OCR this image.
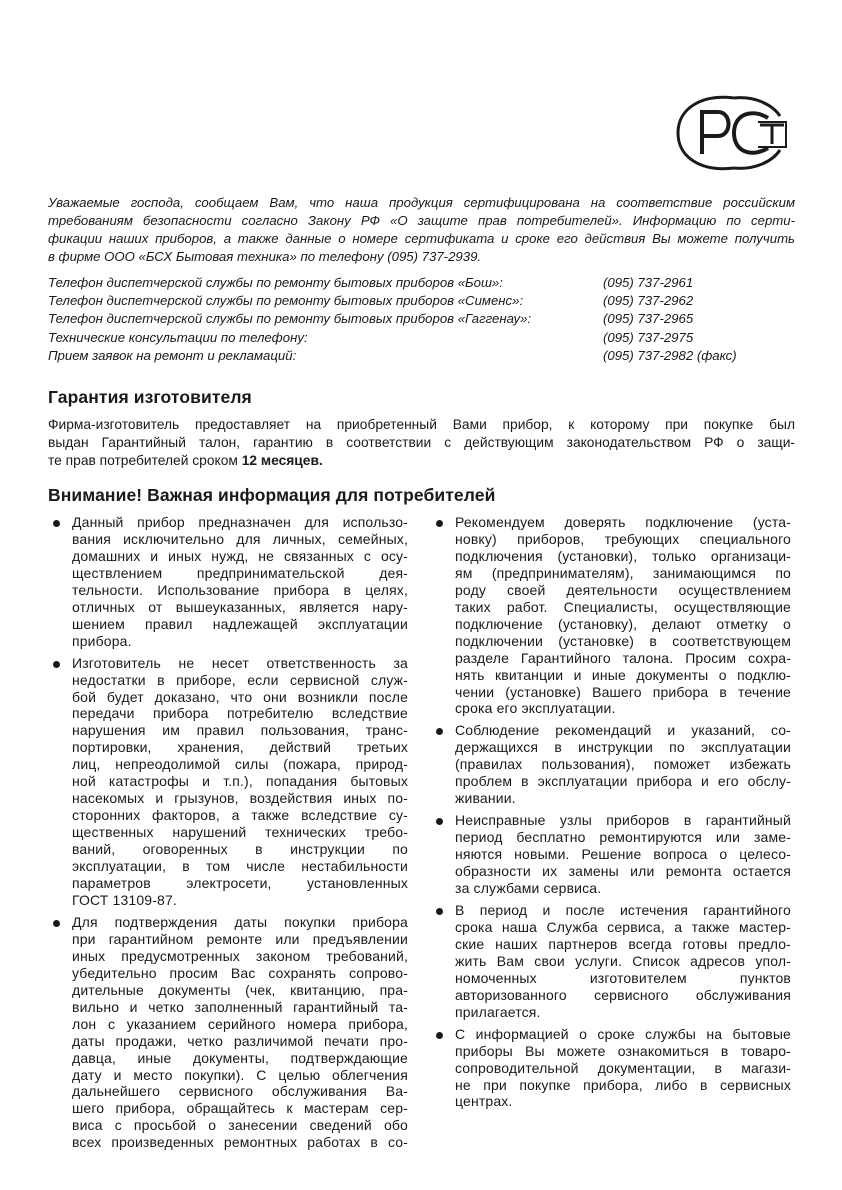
Уважаемые господа, сообщаем Вам, что наша продукция сертифицирована на соответствие российским
требованиям безопасности согласно Закону РФ «О защите прав потребителей». Информацию по серти-
фикации наших приборов, а также данные о номере сертификата и сроке его действия Вы можете получить
в фирме ООО «БСХ Бытовая техника» по телефону (095) 737-2939.
Телефон диспетчерской службы по ремонту бытовых приборов «Бош»:	(095) 737-2961
Телефон диспетчерской службы по ремонту бытовых приборов «Сименс»:	(095) 737-2962
Телефон диспетчерской службы по ремонту бытовых приборов «Гаггенау»:	(095) 737-2965
Технические консультации по телефону:	(095) 737-2975
Прием заявок на ремонт и рекламаций:	(095) 737-2982 (факс)
Гарантия изготовителя
Фирма-изготовитель предоставляет на приобретенный Вами прибор, к которому при покупке был
выдан Гарантийный талон, гарантию в соответствии с действующим законодательством РФ о защи-
те прав потребителей сроком 12 месяцев.
Внимание! Важная информация для потребителей
Данный прибор предназначен для использо-
вания исключительно для личных, семейных,
домашних и иных нужд, не связанных с осу-
ществлением предпринимательской дея-
тельности. Использование прибора в целях,
отличных от вышеуказанных, является нару-
шением правил надлежащей эксплуатации
прибора.
Изготовитель не несет ответственность за
недостатки в приборе, если сервисной служ-
бой будет доказано, что они возникли после
передачи прибора потребителю вследствие
нарушения им правил пользования, транс-
портировки, хранения, действий третьих
лиц, непреодолимой силы (пожара, природ-
ной катастрофы и т.п.), попадания бытовых
насекомых и грызунов, воздействия иных по-
сторонних факторов, а также вследствие су-
щественных нарушений технических требо-
ваний, оговоренных в инструкции по
эксплуатации, в том числе нестабильности
параметров электросети, установленных
ГОСТ 13109-87.
Для подтверждения даты покупки прибора
при гарантийном ремонте или предъявлении
иных предусмотренных законом требований,
убедительно просим Вас сохранять сопрово-
дительные документы (чек, квитанцию, пра-
вильно и четко заполненный гарантийный та-
лон с указанием серийного номера прибора,
даты продажи, четко различимой печати про-
давца, иные документы, подтверждающие
дату и место покупки). С целью облегчения
дальнейшего сервисного обслуживания Ва-
шего прибора, обращайтесь к мастерам сер-
виса с просьбой о занесении сведений обо
всех произведенных ремонтных работах в со-
Рекомендуем доверять подключение (уста-
новку) приборов, требующих специального
подключения (установки), только организаци-
ям (предпринимателям), занимающимся по
роду своей деятельности осуществлением
таких работ. Специалисты, осуществляющие
подключение (установку), делают отметку о
подключении (установке) в соответствующем
разделе Гарантийного талона. Просим сохра-
нять квитанции и иные документы о подклю-
чении (установке) Вашего прибора в течение
срока его эксплуатации.
Соблюдение рекомендаций и указаний, со-
держащихся в инструкции по эксплуатации
(правилах пользования), поможет избежать
проблем в эксплуатации прибора и его обслу-
живании.
Неисправные узлы приборов в гарантийный
период бесплатно ремонтируются или заме-
няются новыми. Решение вопроса о целесо-
образности их замены или ремонта остается
за службами сервиса.
В период и после истечения гарантийного
срока наша Служба сервиса, а также мастер-
ские наших партнеров всегда готовы предло-
жить Вам свои услуги. Список адресов упол-
номоченных изготовителем пунктов
авторизованного сервисного обслуживания
прилагается.
С информацией о сроке службы на бытовые
приборы Вы можете ознакомиться в товаро-
сопроводительной документации, в магази-
не при покупке прибора, либо в сервисных
центрах.
